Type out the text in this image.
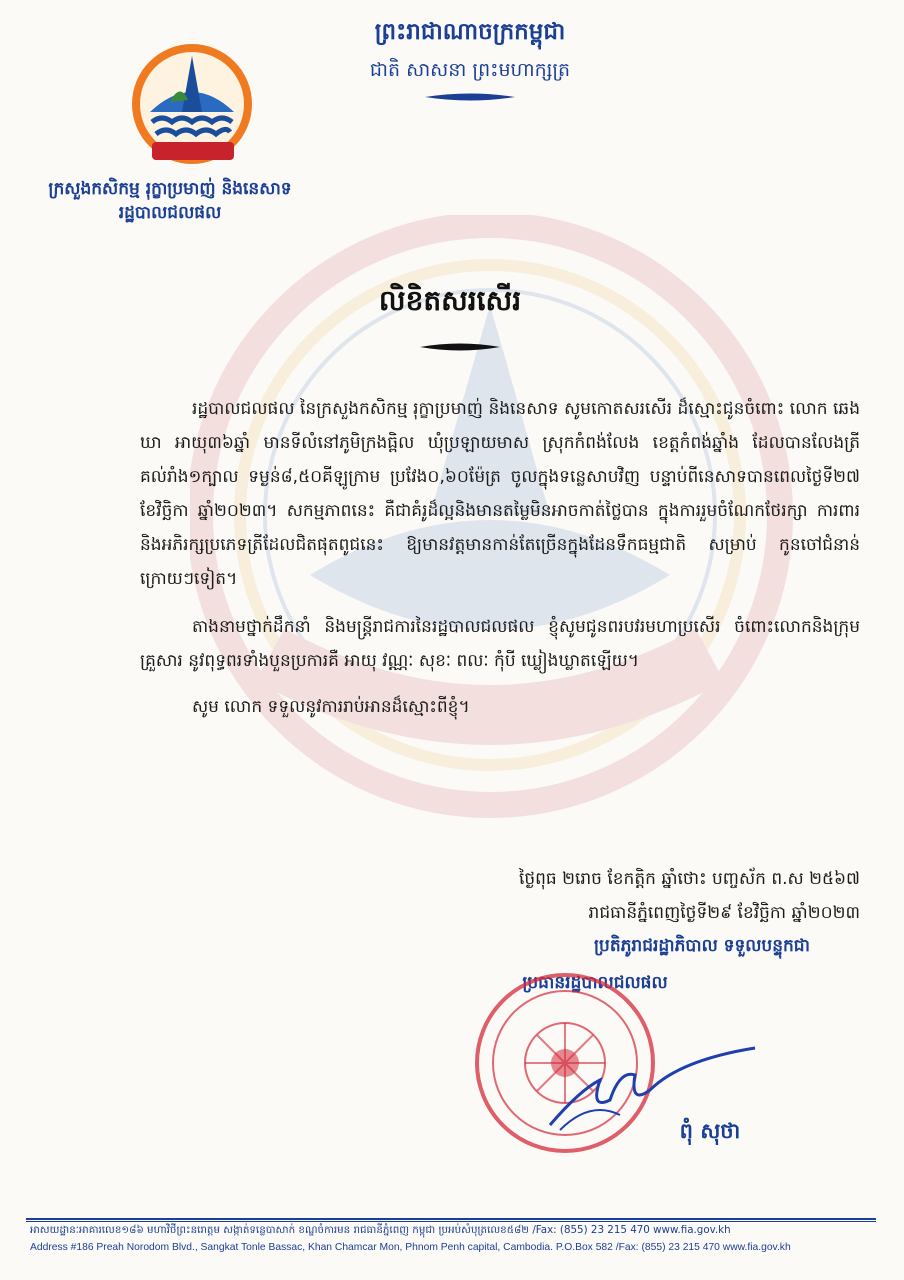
ក្រសួងកសិកម្ម រុក្ខាប្រមាញ់ និងនេសាទ
រដ្ឋបាលជលផល
ព្រះរាជាណាចក្រកម្ពុជា
ជាតិ សាសនា ព្រះមហាក្សត្រ
លិខិតសរសើរ

រដ្ឋបាលជលផល នៃក្រសួងកសិកម្ម រុក្ខាប្រមាញ់ និងនេសាទ សូមកោតសរសើរ ដ៏ស្មោះជូនចំពោះ លោក ឆេង ឃា អាយុ៣៦ឆ្នាំ មានទីលំនៅភូមិក្រងធ្ពិល ឃុំប្រឡាយមាស ស្រុកកំពង់លែង ខេត្តកំពង់ឆ្នាំង ដែលបានលែងត្រីគល់រាំង១ក្បាល ទម្ងន់៨,៥០គីឡូក្រាម ប្រវែង០,៦០ម៉ែត្រ ចូលក្នុងទន្លេសាបវិញ បន្ទាប់ពីនេសាទបានពេលថ្ងៃទី២៧ ខែវិច្ឆិកា ឆ្នាំ២០២៣។ សកម្មភាពនេះ គឺជាគំរូដ៏ល្អនិងមានតម្លៃមិនអាចកាត់ថ្លៃបាន ក្នុងការរួមចំណែកថែរក្សា ការពារ និងអភិរក្សប្រភេទត្រីដែលជិតផុតពូជនេះ ឱ្យមានវត្តមានកាន់តែច្រើនក្នុងដែនទឹកធម្មជាតិ សម្រាប់ កូនចៅជំនាន់ក្រោយៗទៀត។

តាងនាមថ្នាក់ដឹកនាំ និងមន្ត្រីរាជការនៃរដ្ឋបាលជលផល ខ្ញុំសូមជូនពរបវរមហាប្រសើរ ចំពោះលោកនិងក្រុមគ្រួសារ នូវពុទ្ធពរទាំងបួនប្រការគឺ អាយុ វណ្ណៈ សុខៈ ពលៈ កុំបី ឃ្លៀងឃ្លាតឡើយ។

សូម លោក ទទួលនូវការរាប់អានដ៏ស្មោះពីខ្ញុំ។

ថ្ងៃពុធ ២រោច ខែកត្តិក ឆ្នាំថោះ បញ្ចស័ក ព.ស ២៥៦៧
រាជធានីភ្នំពេញថ្ងៃទី២៩ ខែវិច្ឆិកា ឆ្នាំ២០២៣
ប្រតិភូរាជរដ្ឋាភិបាល ទទួលបន្ទុកជា
ប្រធានរដ្ឋបាលជលផល
ពុំ សុថា
អាសយដ្ឋានៈអាគារលេខ១៨៦ មហាវិថីព្រះនរោត្តម សង្កាត់ទន្លេបាសាក់ ខណ្ឌចំការមន រាជធានីភ្នំពេញ កម្ពុជា ប្រអប់សំបុត្រលេខ៥៨២ /Fax: (855) 23 215 470 www.fia.gov.kh
Address #186 Preah Norodom Blvd., Sangkat Tonle Bassac, Khan Chamcar Mon, Phnom Penh capital, Cambodia. P.O.Box 582 /Fax: (855) 23 215 470 www.fia.gov.kh
